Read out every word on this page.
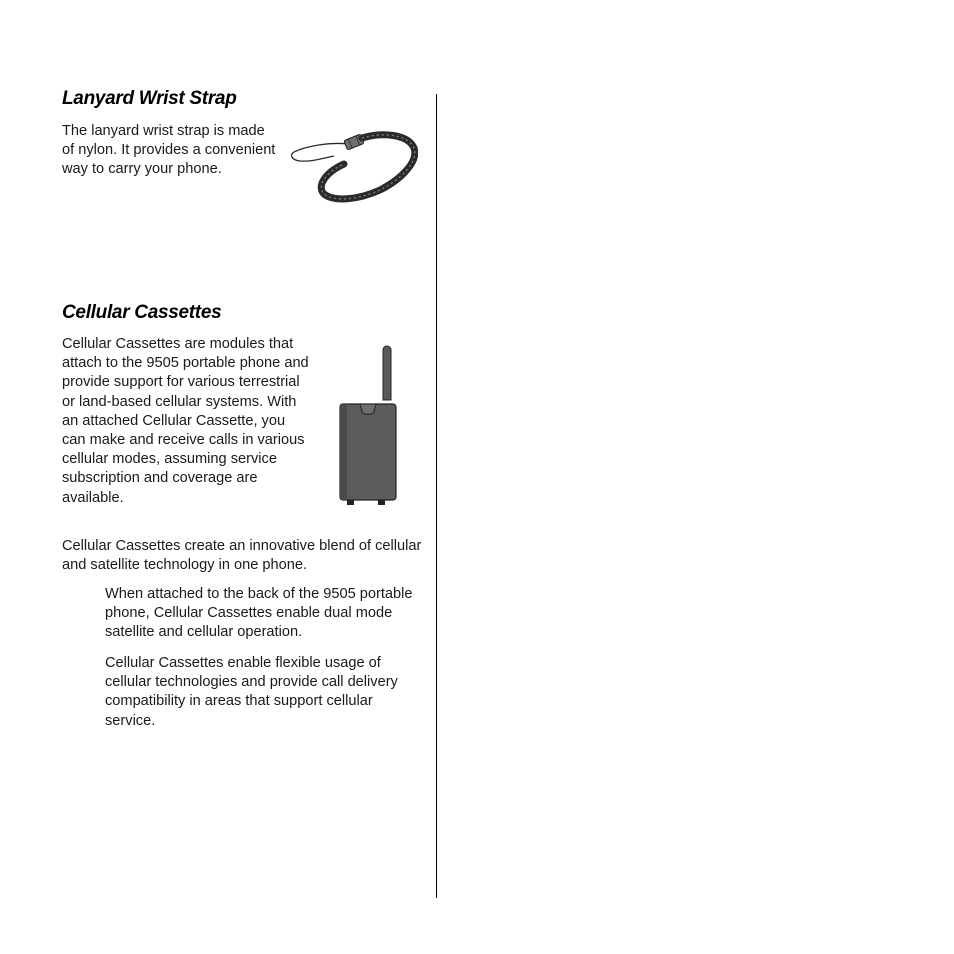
Lanyard Wrist Strap

The lanyard wrist strap is made of nylon. It provides a convenient way to carry your phone.

Cellular Cassettes

Cellular Cassettes are modules that attach to the 9505 portable phone and provide support for various terrestrial or land-based cellular systems. With an attached Cellular Cassette, you can make and receive calls in various cellular modes, assuming service subscription and coverage are available.

Cellular Cassettes create an innovative blend of cellular and satellite technology in one phone.

When attached to the back of the 9505 portable phone, Cellular Cassettes enable dual mode satellite and cellular operation.

Cellular Cassettes enable flexible usage of cellular technologies and provide call delivery compatibility in areas that support cellular service.
